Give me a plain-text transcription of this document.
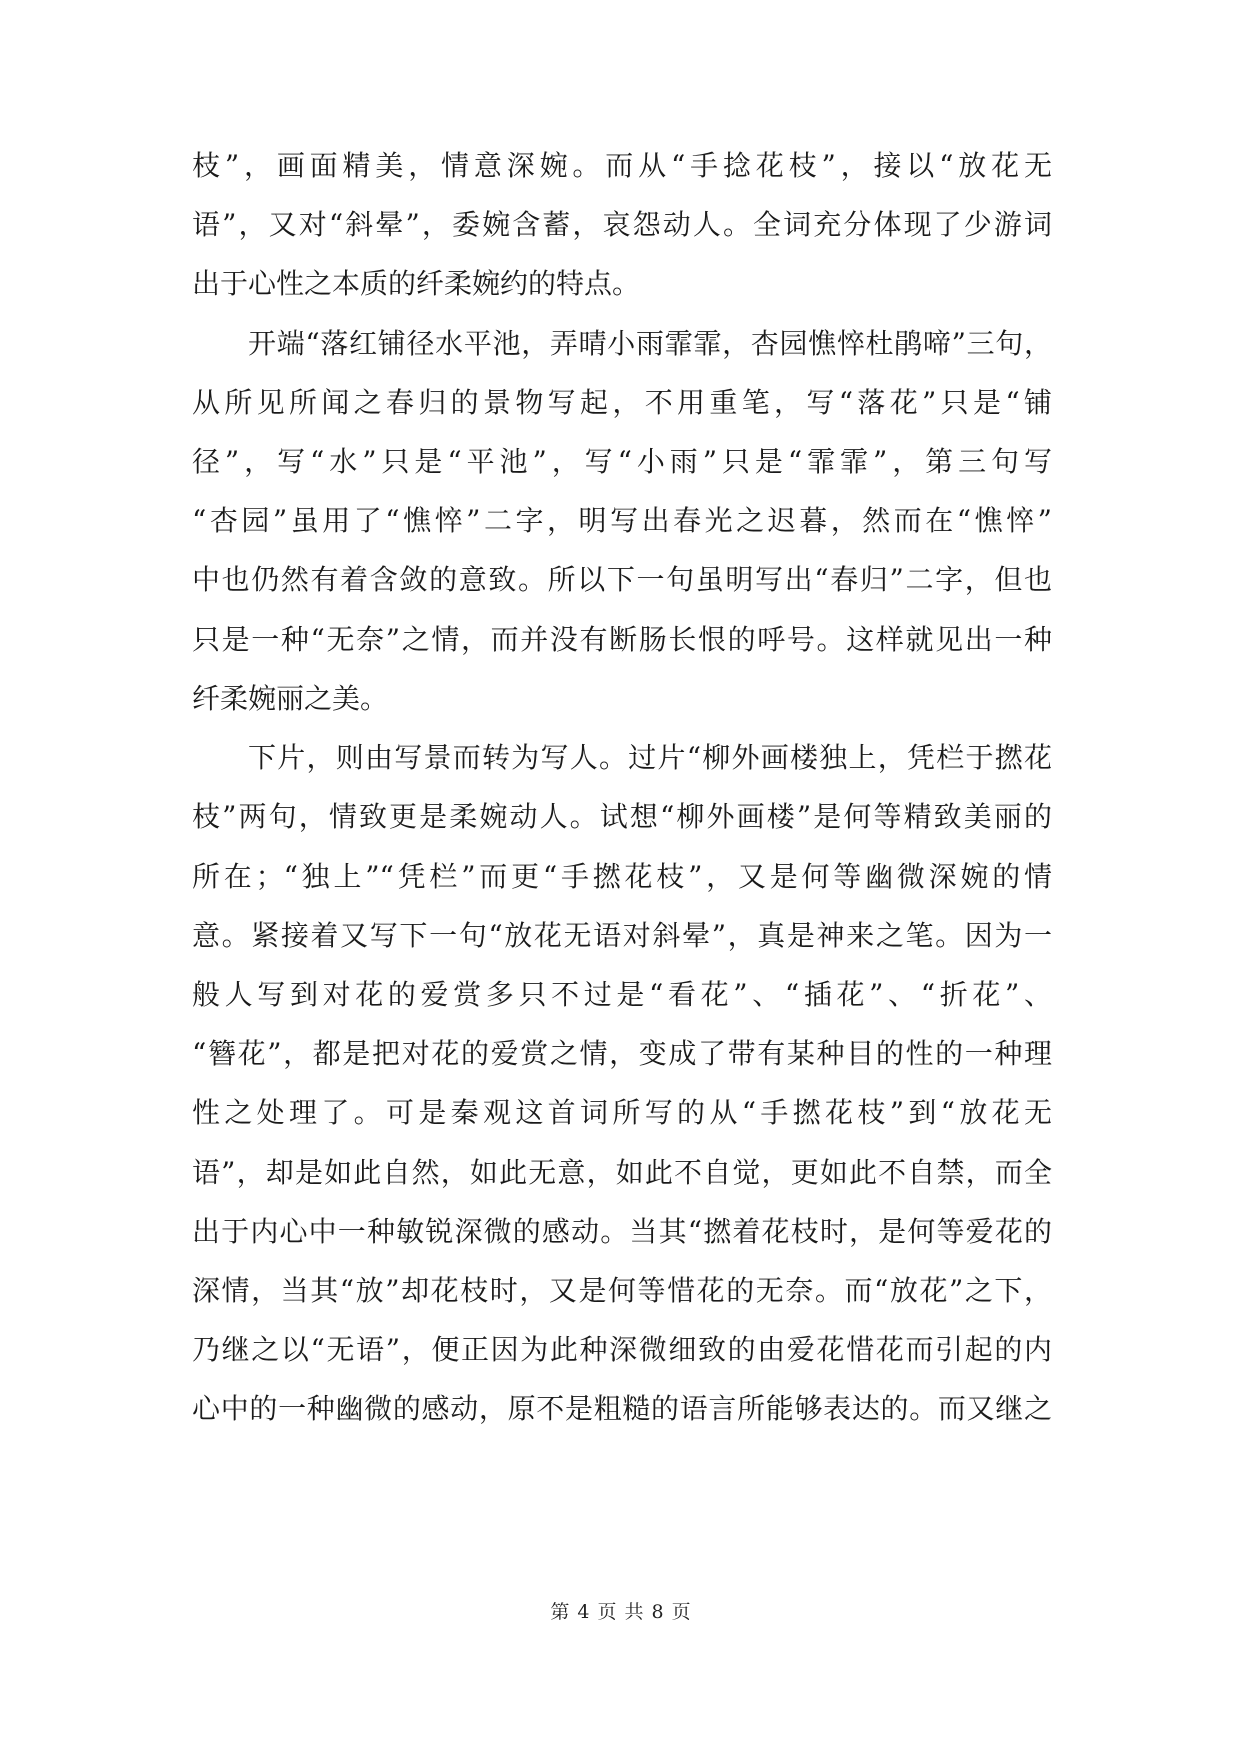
枝”，画面精美，情意深婉。而从“手捻花枝”，接以“放花无
语”，又对“斜晕”，委婉含蓄，哀怨动人。全词充分体现了少游词
出于心性之本质的纤柔婉约的特点。
开端“落红铺径水平池，弄晴小雨霏霏，杏园憔悴杜鹃啼”三句，
从所见所闻之春归的景物写起，不用重笔，写“落花”只是“铺
径”，写“水”只是“平池”，写“小雨”只是“霏霏”，第三句写
“杏园”虽用了“憔悴”二字，明写出春光之迟暮，然而在“憔悴”
中也仍然有着含敛的意致。所以下一句虽明写出“春归”二字，但也
只是一种“无奈”之情，而并没有断肠长恨的呼号。这样就见出一种
纤柔婉丽之美。
下片，则由写景而转为写人。过片“柳外画楼独上，凭栏于撚花
枝”两句，情致更是柔婉动人。试想“柳外画楼”是何等精致美丽的
所在；“独上”“凭栏”而更“手撚花枝”，又是何等幽微深婉的情
意。紧接着又写下一句“放花无语对斜晕”，真是神来之笔。因为一
般人写到对花的爱赏多只不过是“看花”、“插花”、“折花”、
“簪花”，都是把对花的爱赏之情，变成了带有某种目的性的一种理
性之处理了。可是秦观这首词所写的从“手撚花枝”到“放花无
语”，却是如此自然，如此无意，如此不自觉，更如此不自禁，而全
出于内心中一种敏锐深微的感动。当其“撚着花枝时，是何等爱花的
深情，当其“放”却花枝时，又是何等惜花的无奈。而“放花”之下，
乃继之以“无语”，便正因为此种深微细致的由爱花惜花而引起的内
心中的一种幽微的感动，原不是粗糙的语言所能够表达的。而又继之
第 4 页 共 8 页
